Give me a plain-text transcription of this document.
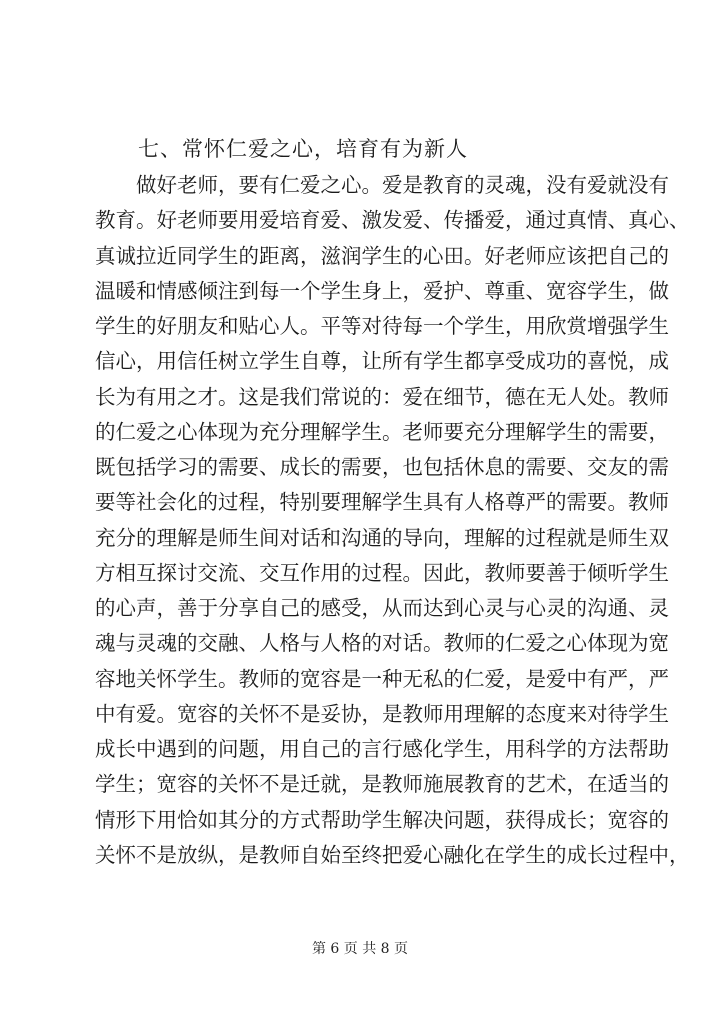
七、常怀仁爱之心，培育有为新人
做好老师，要有仁爱之心。爱是教育的灵魂，没有爱就没有
教育。好老师要用爱培育爱、激发爱、传播爱，通过真情、真心、
真诚拉近同学生的距离，滋润学生的心田。好老师应该把自己的
温暖和情感倾注到每一个学生身上，爱护、尊重、宽容学生，做
学生的好朋友和贴心人。平等对待每一个学生，用欣赏增强学生
信心，用信任树立学生自尊，让所有学生都享受成功的喜悦，成
长为有用之才。这是我们常说的：爱在细节，德在无人处。教师
的仁爱之心体现为充分理解学生。老师要充分理解学生的需要，
既包括学习的需要、成长的需要，也包括休息的需要、交友的需
要等社会化的过程，特别要理解学生具有人格尊严的需要。教师
充分的理解是师生间对话和沟通的导向，理解的过程就是师生双
方相互探讨交流、交互作用的过程。因此，教师要善于倾听学生
的心声，善于分享自己的感受，从而达到心灵与心灵的沟通、灵
魂与灵魂的交融、人格与人格的对话。教师的仁爱之心体现为宽
容地关怀学生。教师的宽容是一种无私的仁爱，是爱中有严，严
中有爱。宽容的关怀不是妥协，是教师用理解的态度来对待学生
成长中遇到的问题，用自己的言行感化学生，用科学的方法帮助
学生；宽容的关怀不是迁就，是教师施展教育的艺术，在适当的
情形下用恰如其分的方式帮助学生解决问题，获得成长；宽容的
关怀不是放纵，是教师自始至终把爱心融化在学生的成长过程中，
第 6 页 共 8 页
